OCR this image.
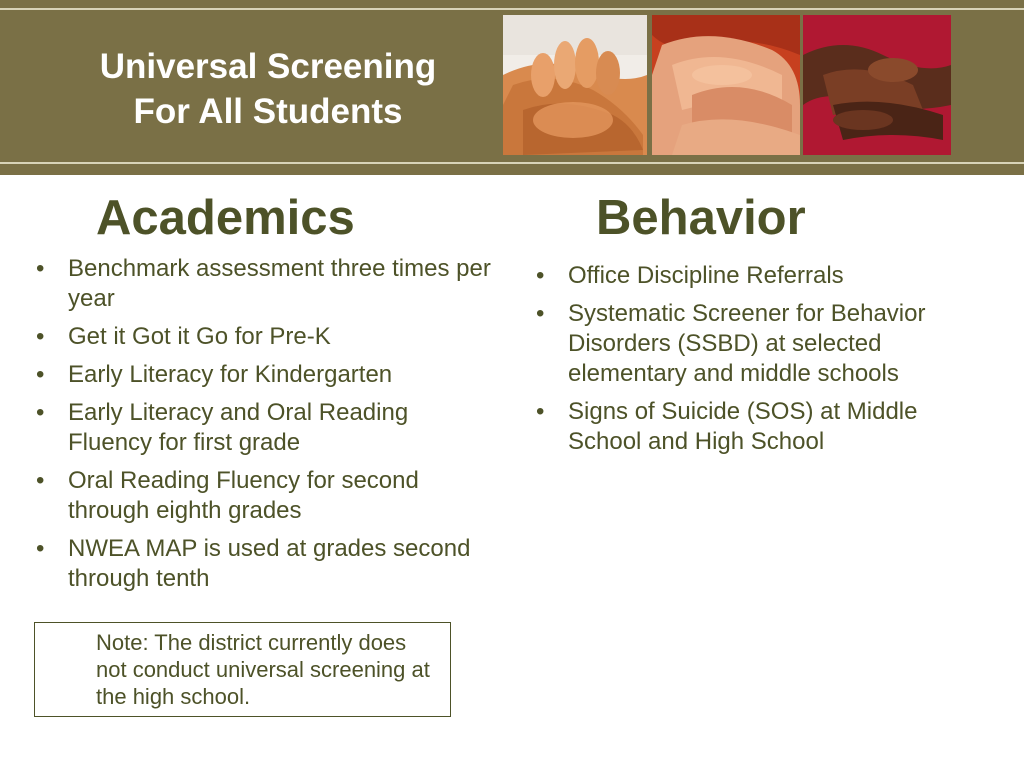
Universal Screening
For All Students
Academics	Behavior
• Benchmark assessment three times per year
• Get it Got it Go for Pre-K
• Early Literacy for Kindergarten
• Early Literacy and Oral Reading Fluency for first grade
• Oral Reading Fluency for second through eighth grades
• NWEA MAP is used at grades second through tenth
• Office Discipline Referrals
• Systematic Screener for Behavior Disorders (SSBD) at selected elementary and middle schools
• Signs of Suicide (SOS) at Middle School and High School
Note: The district currently does not conduct universal screening at the high school.
